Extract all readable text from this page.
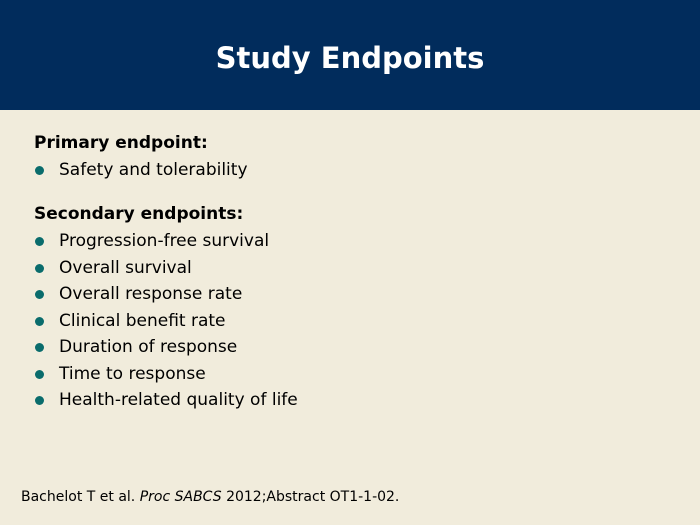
Study Endpoints
Primary endpoint:
Safety and tolerability
Secondary endpoints:
Progression-free survival
Overall survival
Overall response rate
Clinical benefit rate
Duration of response
Time to response
Health-related quality of life
Bachelot T et al. Proc SABCS 2012;Abstract OT1-1-02.
